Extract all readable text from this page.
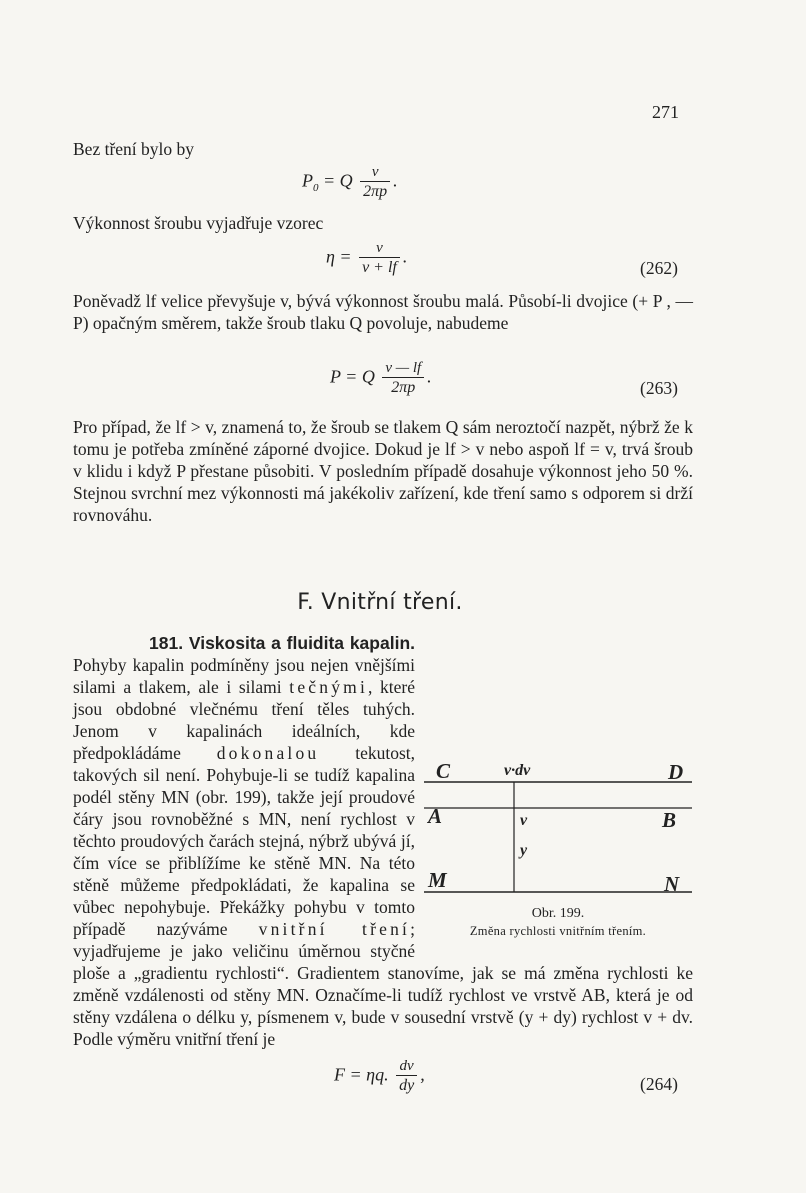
271
Bez tření bylo by
$P_0 = Q \frac{v}{2\pi p}$ .
Výkonnost šroubu vyjadřuje vzorec
$\eta = \frac{v}{v + lf}$ .
(262)
Poněvadž lf velice převyšuje v, bývá výkonnost šroubu malá. Působí-li dvojice (+ P , — P) opačným směrem, takže šroub tlaku Q povoluje, nabudeme
P = Q $\frac{v — lf}{2\pi p}$ .
(263)
Pro případ, že lf > v, znamená to, že šroub se tlakem Q sám neroztočí nazpět, nýbrž že k tomu je potřeba zmíněné záporné dvojice. Dokud je lf > v nebo aspoň lf = v, trvá šroub v klidu i když P přestane působiti. V posledním případě dosahuje výkonnost jeho 50 %. Stejnou svrchní mez výkonnosti má jakékoliv zařízení, kde tření samo s odporem si drží rovnováhu.
F. Vnitřní tření.
181. Viskosita a fluidita kapalin. Pohyby kapalin podmíněny jsou nejen vnějšími silami a tlakem, ale i silami tečnými, které jsou obdobné vlečnému tření těles tuhých. Jenom v kapalinách ideálních, kde předpokládáme dokonalou tekutost, takových sil není. Pohybuje-li se tudíž kapalina podél stěny MN (obr. 199), takže její proudové čáry jsou rovnoběžné s MN, není rychlost v těchto proudových čarách stejná, nýbrž ubývá jí, čím více se přiblížíme ke stěně MN. Na této stěně můžeme předpokládati, že kapalina se vůbec nepohybuje. Překážky pohybu v tomto případě nazýváme vnitřní tření; vyjadřujeme je jako veličinu úměrnou styčné ploše a „gradientu rychlosti“. Gradientem stanovíme, jak se má změna rychlosti ke změně vzdálenosti od stěny MN. Označíme-li tudíž rychlost ve vrstvě AB, která je od stěny vzdálena o délku y, písmenem v, bude v sousední vrstvě (y + dy) rychlost v + dv. Podle výměru vnitřní tření je
C	v·dv	D
A	v	B
y
M	N
Obr. 199.
Změna rychlosti vnitřním třením.
F = ηq. $\frac{dv}{dy}$ ,	(264)
